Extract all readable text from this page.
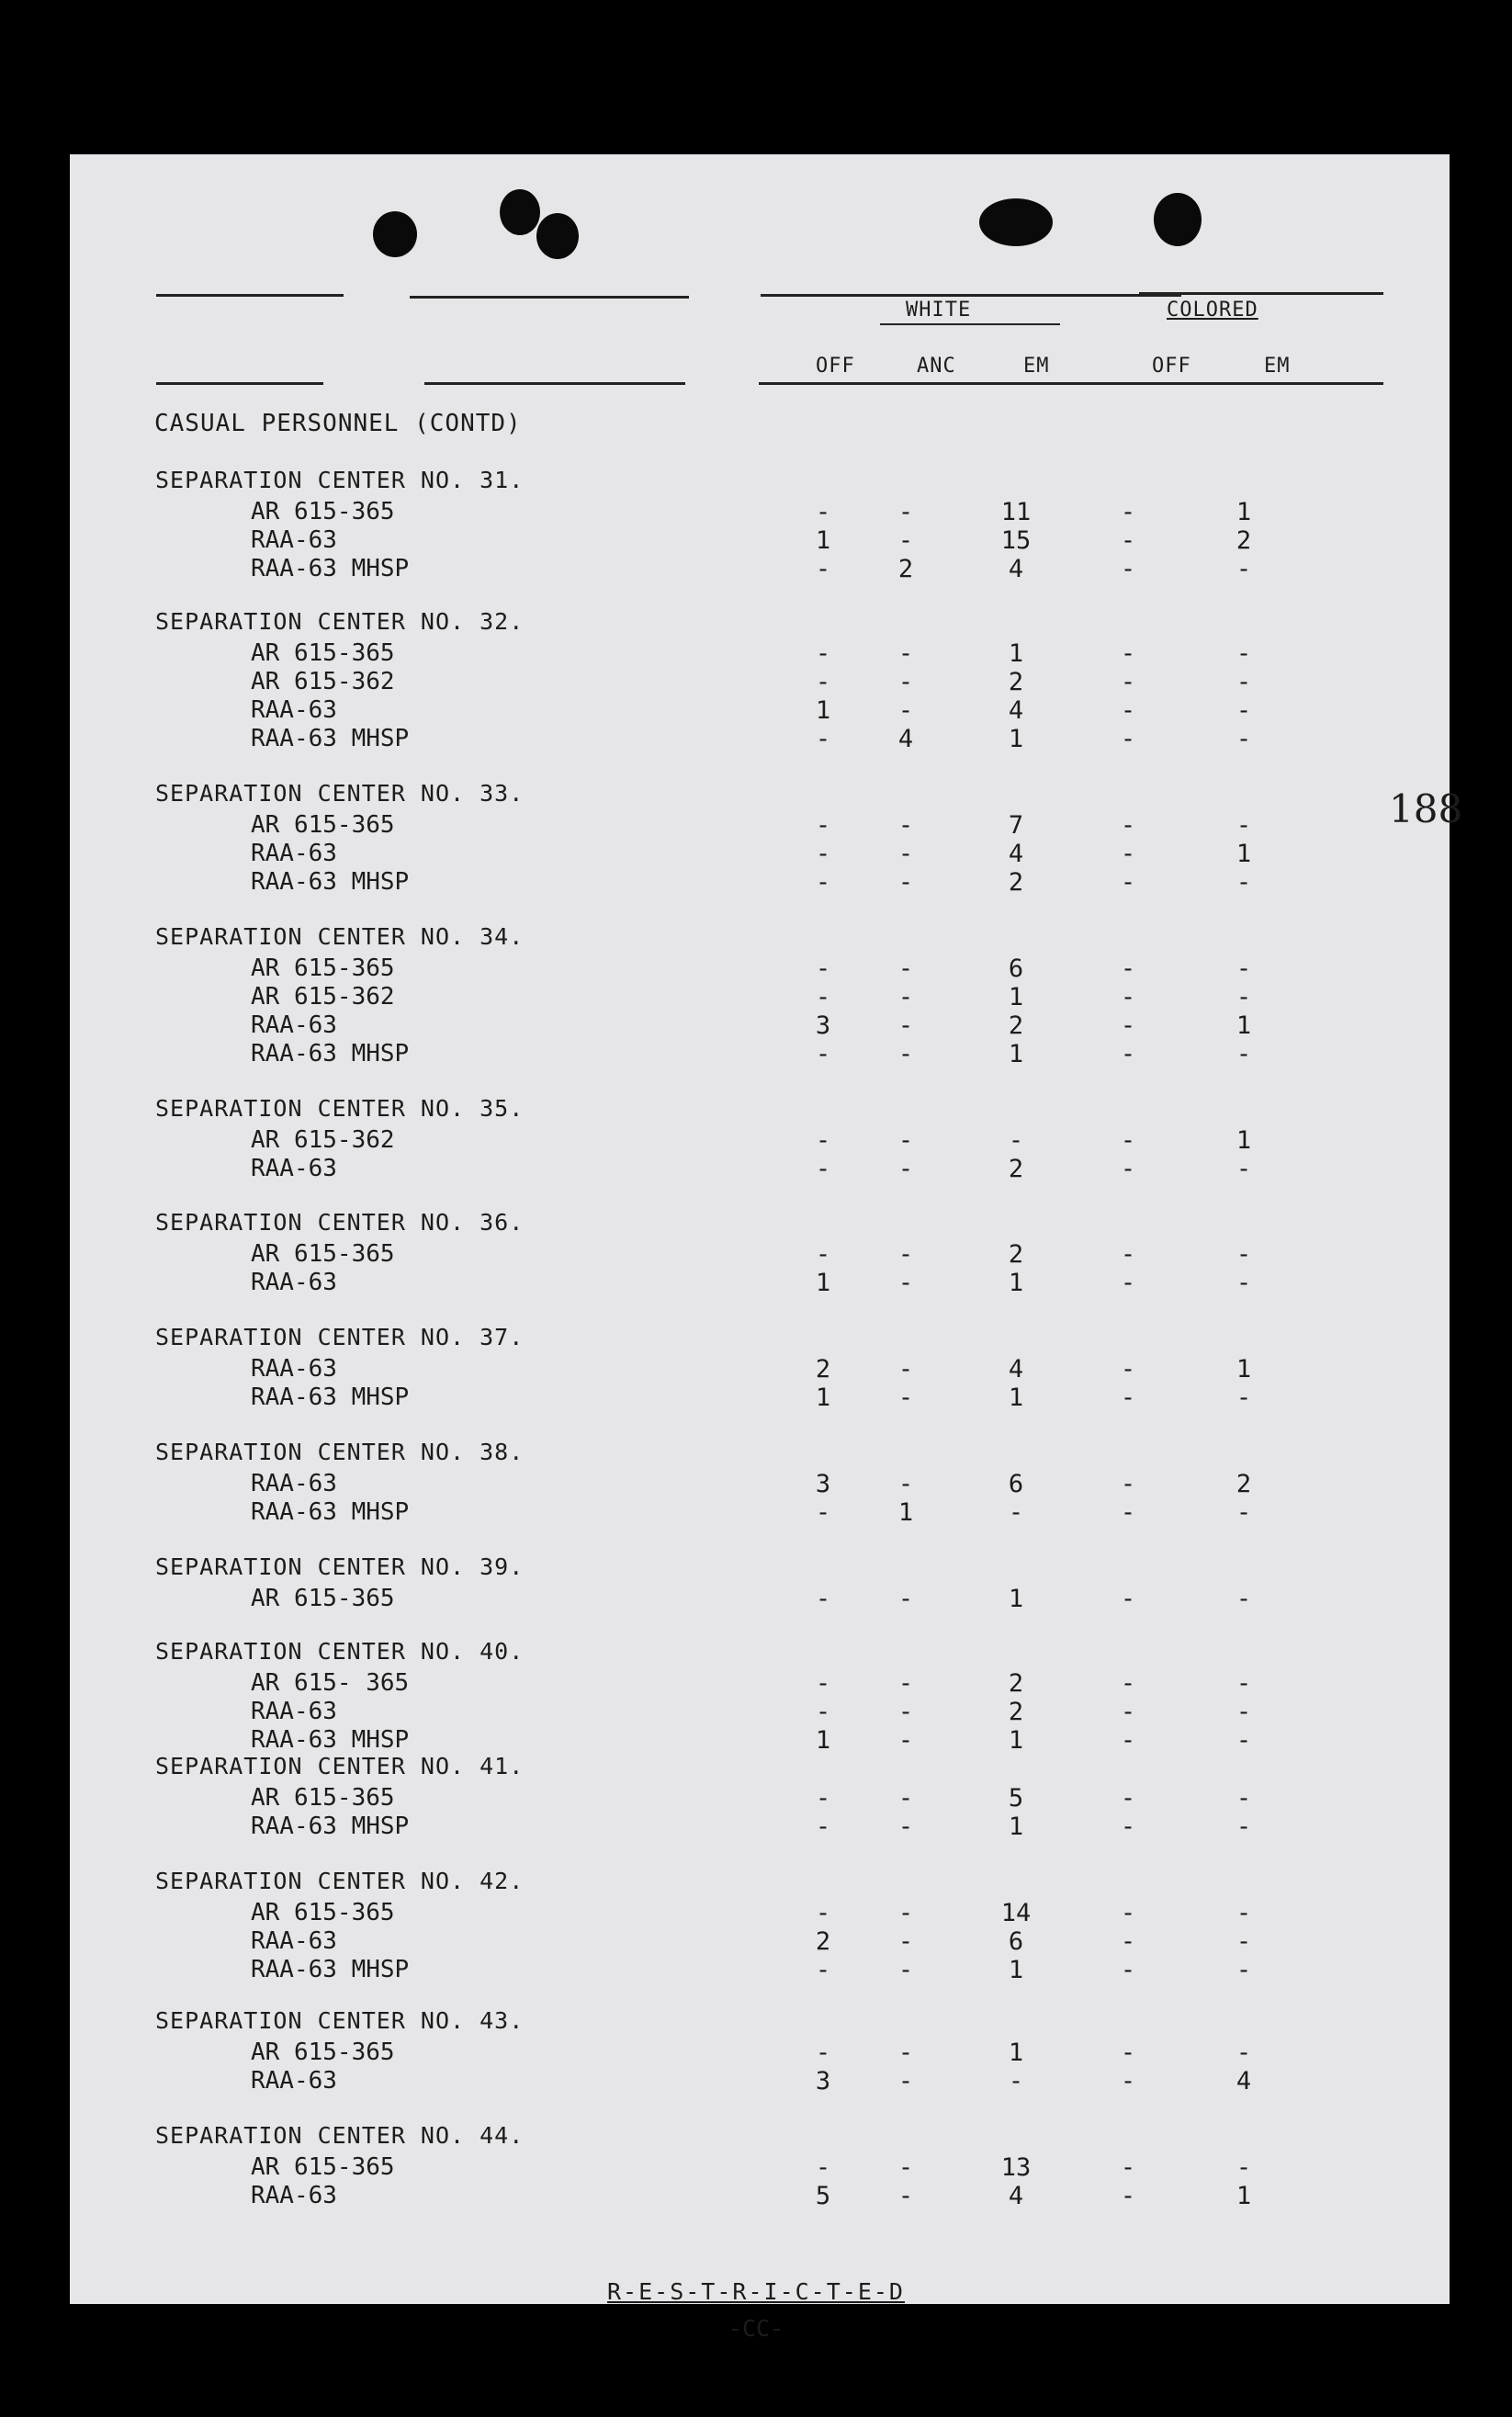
WHITE	COLORED
OFF	ANC	EM	OFF	EM
CASUAL PERSONNEL (CONTD)
188
SEPARATION CENTER NO. 31.
AR 615-365	-	-	11	-	1
RAA-63	1	-	15	-	2
RAA-63 MHSP	-	2	4	-	-
SEPARATION CENTER NO. 32.
AR 615-365	-	-	1	-	-
AR 615-362	-	-	2	-	-
RAA-63	1	-	4	-	-
RAA-63 MHSP	-	4	1	-	-
SEPARATION CENTER NO. 33.
AR 615-365	-	-	7	-	-
RAA-63	-	-	4	-	1
RAA-63 MHSP	-	-	2	-	-
SEPARATION CENTER NO. 34.
AR 615-365	-	-	6	-	-
AR 615-362	-	-	1	-	-
RAA-63	3	-	2	-	1
RAA-63 MHSP	-	-	1	-	-
SEPARATION CENTER NO. 35.
AR 615-362	-	-	-	-	1
RAA-63	-	-	2	-	-
SEPARATION CENTER NO. 36.
AR 615-365	-	-	2	-	-
RAA-63	1	-	1	-	-
SEPARATION CENTER NO. 37.
RAA-63	2	-	4	-	1
RAA-63 MHSP	1	-	1	-	-
SEPARATION CENTER NO. 38.
RAA-63	3	-	6	-	2
RAA-63 MHSP	-	1	-	-	-
SEPARATION CENTER NO. 39.
AR 615-365	-	-	1	-	-
SEPARATION CENTER NO. 40.
AR 615- 365	-	-	2	-	-
RAA-63	-	-	2	-	-
RAA-63 MHSP	1	-	1	-	-
SEPARATION CENTER NO. 41.
AR 615-365	-	-	5	-	-
RAA-63 MHSP	-	-	1	-	-
SEPARATION CENTER NO. 42.
AR 615-365	-	-	14	-	-
RAA-63	2	-	6	-	-
RAA-63 MHSP	-	-	1	-	-
SEPARATION CENTER NO. 43.
AR 615-365	-	-	1	-	-
RAA-63	3	-	-	-	4
SEPARATION CENTER NO. 44.
AR 615-365	-	-	13	-	-
RAA-63	5	-	4	-	1
R-E-S-T-R-I-C-T-E-D
-CC-
